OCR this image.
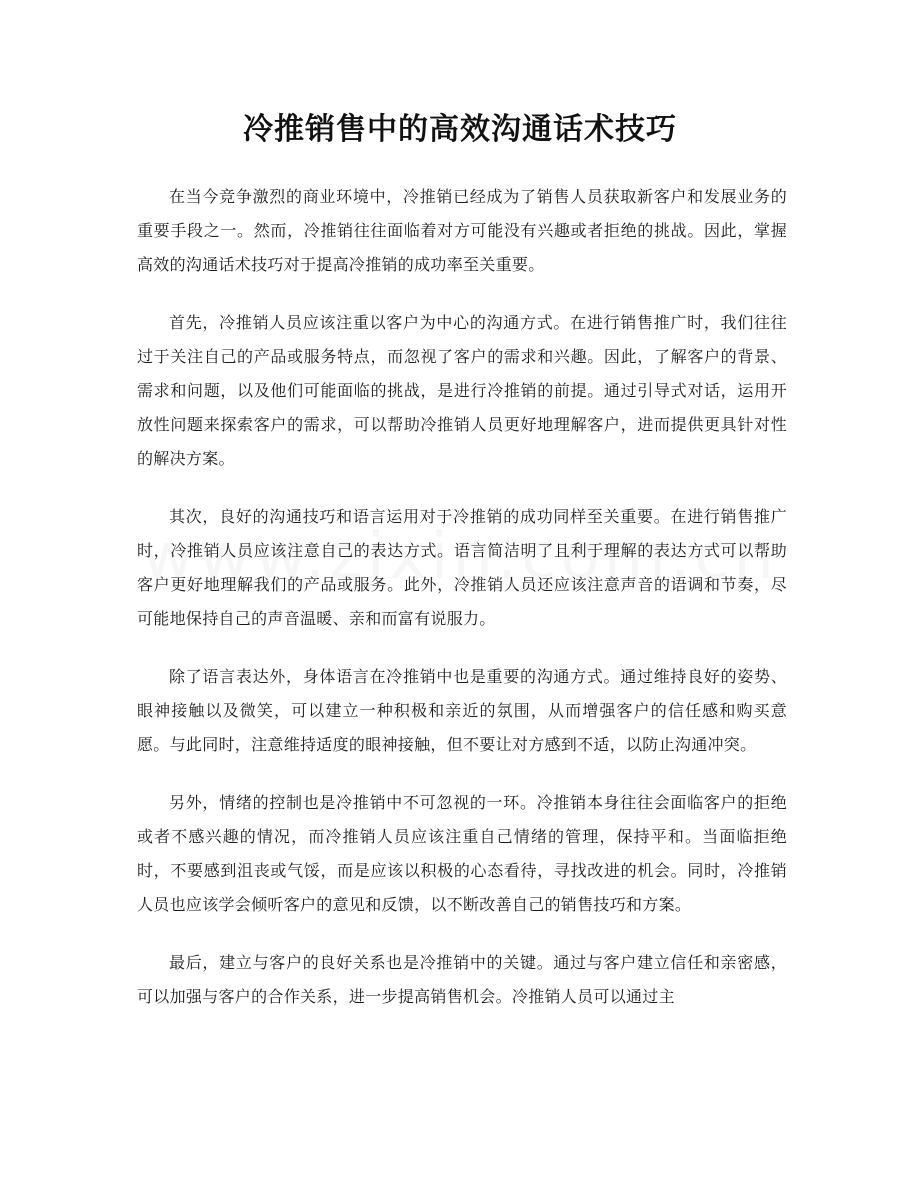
冷推销售中的高效沟通话术技巧

在当今竞争激烈的商业环境中，冷推销已经成为了销售人员获取新客户和发展业务的重要手段之一。然而，冷推销往往面临着对方可能没有兴趣或者拒绝的挑战。因此，掌握高效的沟通话术技巧对于提高冷推销的成功率至关重要。

首先，冷推销人员应该注重以客户为中心的沟通方式。在进行销售推广时，我们往往过于关注自己的产品或服务特点，而忽视了客户的需求和兴趣。因此，了解客户的背景、需求和问题，以及他们可能面临的挑战，是进行冷推销的前提。通过引导式对话，运用开放性问题来探索客户的需求，可以帮助冷推销人员更好地理解客户，进而提供更具针对性的解决方案。

其次，良好的沟通技巧和语言运用对于冷推销的成功同样至关重要。在进行销售推广时，冷推销人员应该注意自己的表达方式。语言简洁明了且利于理解的表达方式可以帮助客户更好地理解我们的产品或服务。此外，冷推销人员还应该注意声音的语调和节奏，尽可能地保持自己的声音温暖、亲和而富有说服力。

除了语言表达外，身体语言在冷推销中也是重要的沟通方式。通过维持良好的姿势、眼神接触以及微笑，可以建立一种积极和亲近的氛围，从而增强客户的信任感和购买意愿。与此同时，注意维持适度的眼神接触，但不要让对方感到不适，以防止沟通冲突。

另外，情绪的控制也是冷推销中不可忽视的一环。冷推销本身往往会面临客户的拒绝或者不感兴趣的情况，而冷推销人员应该注重自己情绪的管理，保持平和。当面临拒绝时，不要感到沮丧或气馁，而是应该以积极的心态看待，寻找改进的机会。同时，冷推销人员也应该学会倾听客户的意见和反馈，以不断改善自己的销售技巧和方案。

最后，建立与客户的良好关系也是冷推销中的关键。通过与客户建立信任和亲密感，可以加强与客户的合作关系，进一步提高销售机会。冷推销人员可以通过主
